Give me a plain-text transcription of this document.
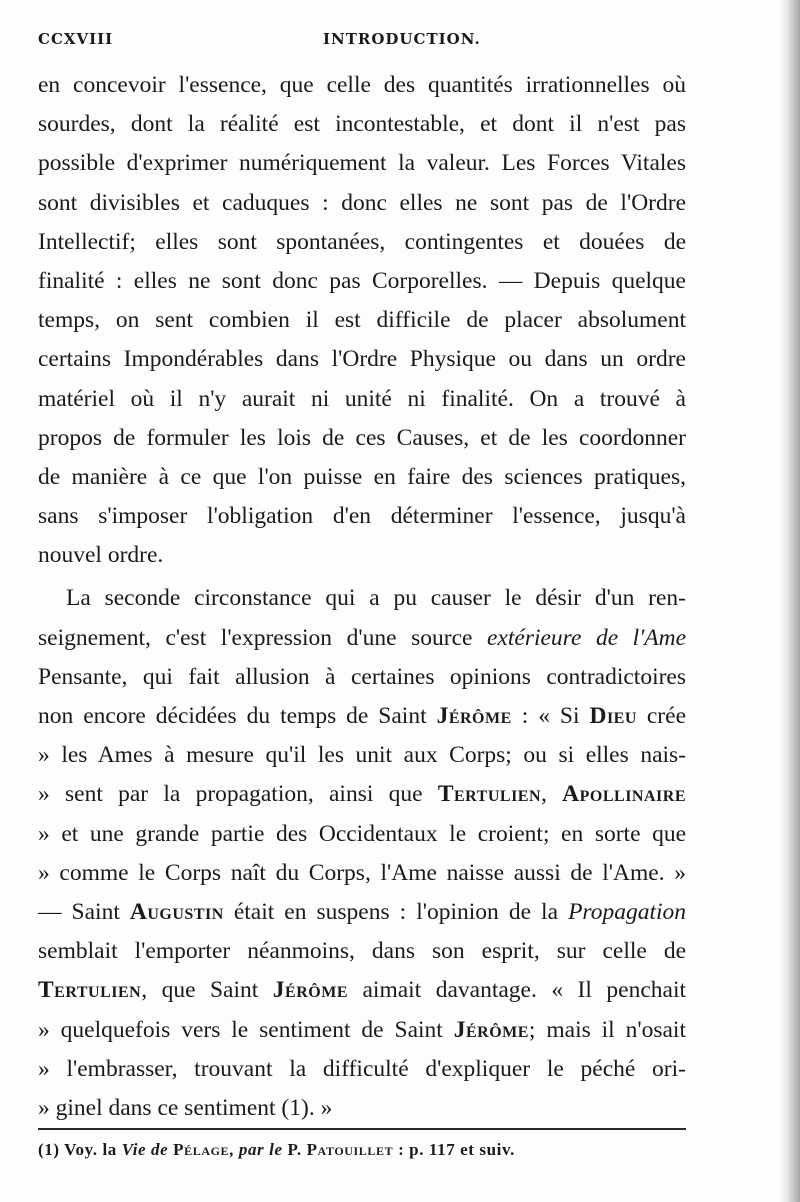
CCXVIII	INTRODUCTION.
en concevoir l'essence, que celle des quantités irrationnelles où
sourdes, dont la réalité est incontestable, et dont il n'est pas
possible d'exprimer numériquement la valeur. Les Forces Vitales
sont divisibles et caduques : donc elles ne sont pas de l'Ordre
Intellectif; elles sont spontanées, contingentes et douées de
finalité : elles ne sont donc pas Corporelles. — Depuis quelque
temps, on sent combien il est difficile de placer absolument
certains Impondérables dans l'Ordre Physique ou dans un ordre
matériel où il n'y aurait ni unité ni finalité. On a trouvé à
propos de formuler les lois de ces Causes, et de les coordonner
de manière à ce que l'on puisse en faire des sciences pratiques,
sans s'imposer l'obligation d'en déterminer l'essence, jusqu'à
nouvel ordre.
La seconde circonstance qui a pu causer le désir d'un ren-
seignement, c'est l'expression d'une source extérieure de l'Ame
Pensante, qui fait allusion à certaines opinions contradictoires
non encore décidées du temps de Saint Jérôme : « Si Dieu crée
» les Ames à mesure qu'il les unit aux Corps; ou si elles nais-
» sent par la propagation, ainsi que Tertulien, Apollinaire
» et une grande partie des Occidentaux le croient; en sorte que
» comme le Corps naît du Corps, l'Ame naisse aussi de l'Ame. »
— Saint Augustin était en suspens : l'opinion de la Propagation
semblait l'emporter néanmoins, dans son esprit, sur celle de
Tertulien, que Saint Jérôme aimait davantage. « Il penchait
» quelquefois vers le sentiment de Saint Jérôme; mais il n'osait
» l'embrasser, trouvant la difficulté d'expliquer le péché ori-
» ginel dans ce sentiment (1). »
(1) Voy. la Vie de Pélage, par le P. Patouillet : p. 117 et suiv.
